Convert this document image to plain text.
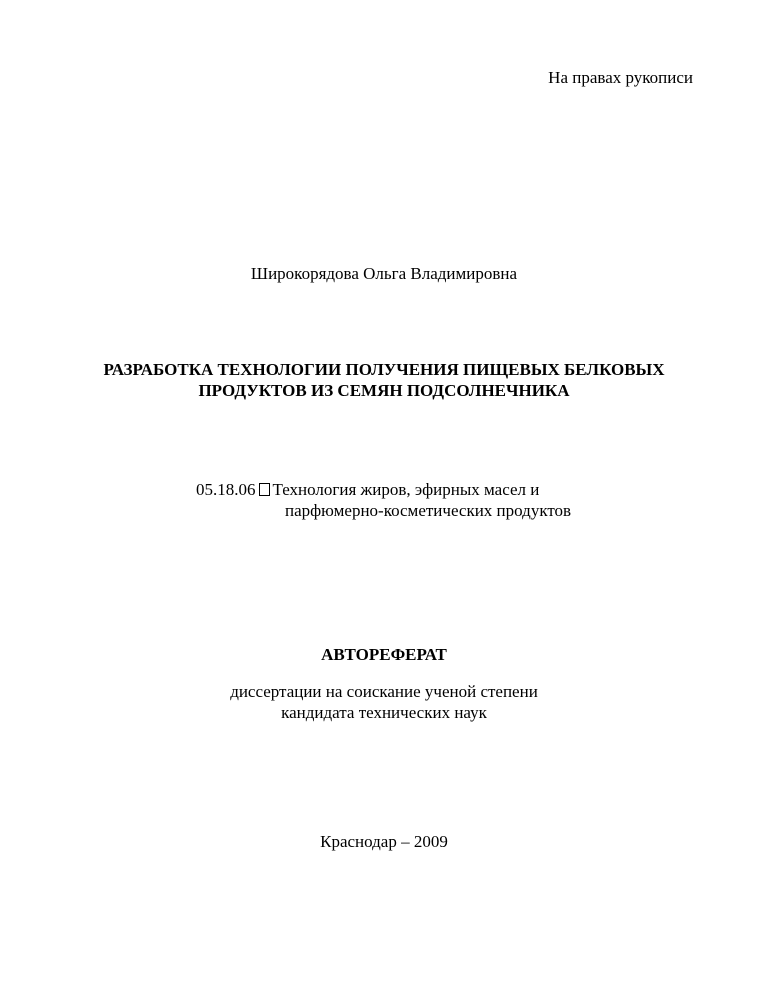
На правах рукописи
Широкорядова Ольга Владимировна
РАЗРАБОТКА ТЕХНОЛОГИИ ПОЛУЧЕНИЯ ПИЩЕВЫХ БЕЛКОВЫХ
ПРОДУКТОВ ИЗ СЕМЯН ПОДСОЛНЕЧНИКА
05.18.06 Технология жиров, эфирных масел и
парфюмерно-косметических продуктов
АВТОРЕФЕРАТ
диссертации на соискание ученой степени
кандидата технических наук
Краснодар – 2009
